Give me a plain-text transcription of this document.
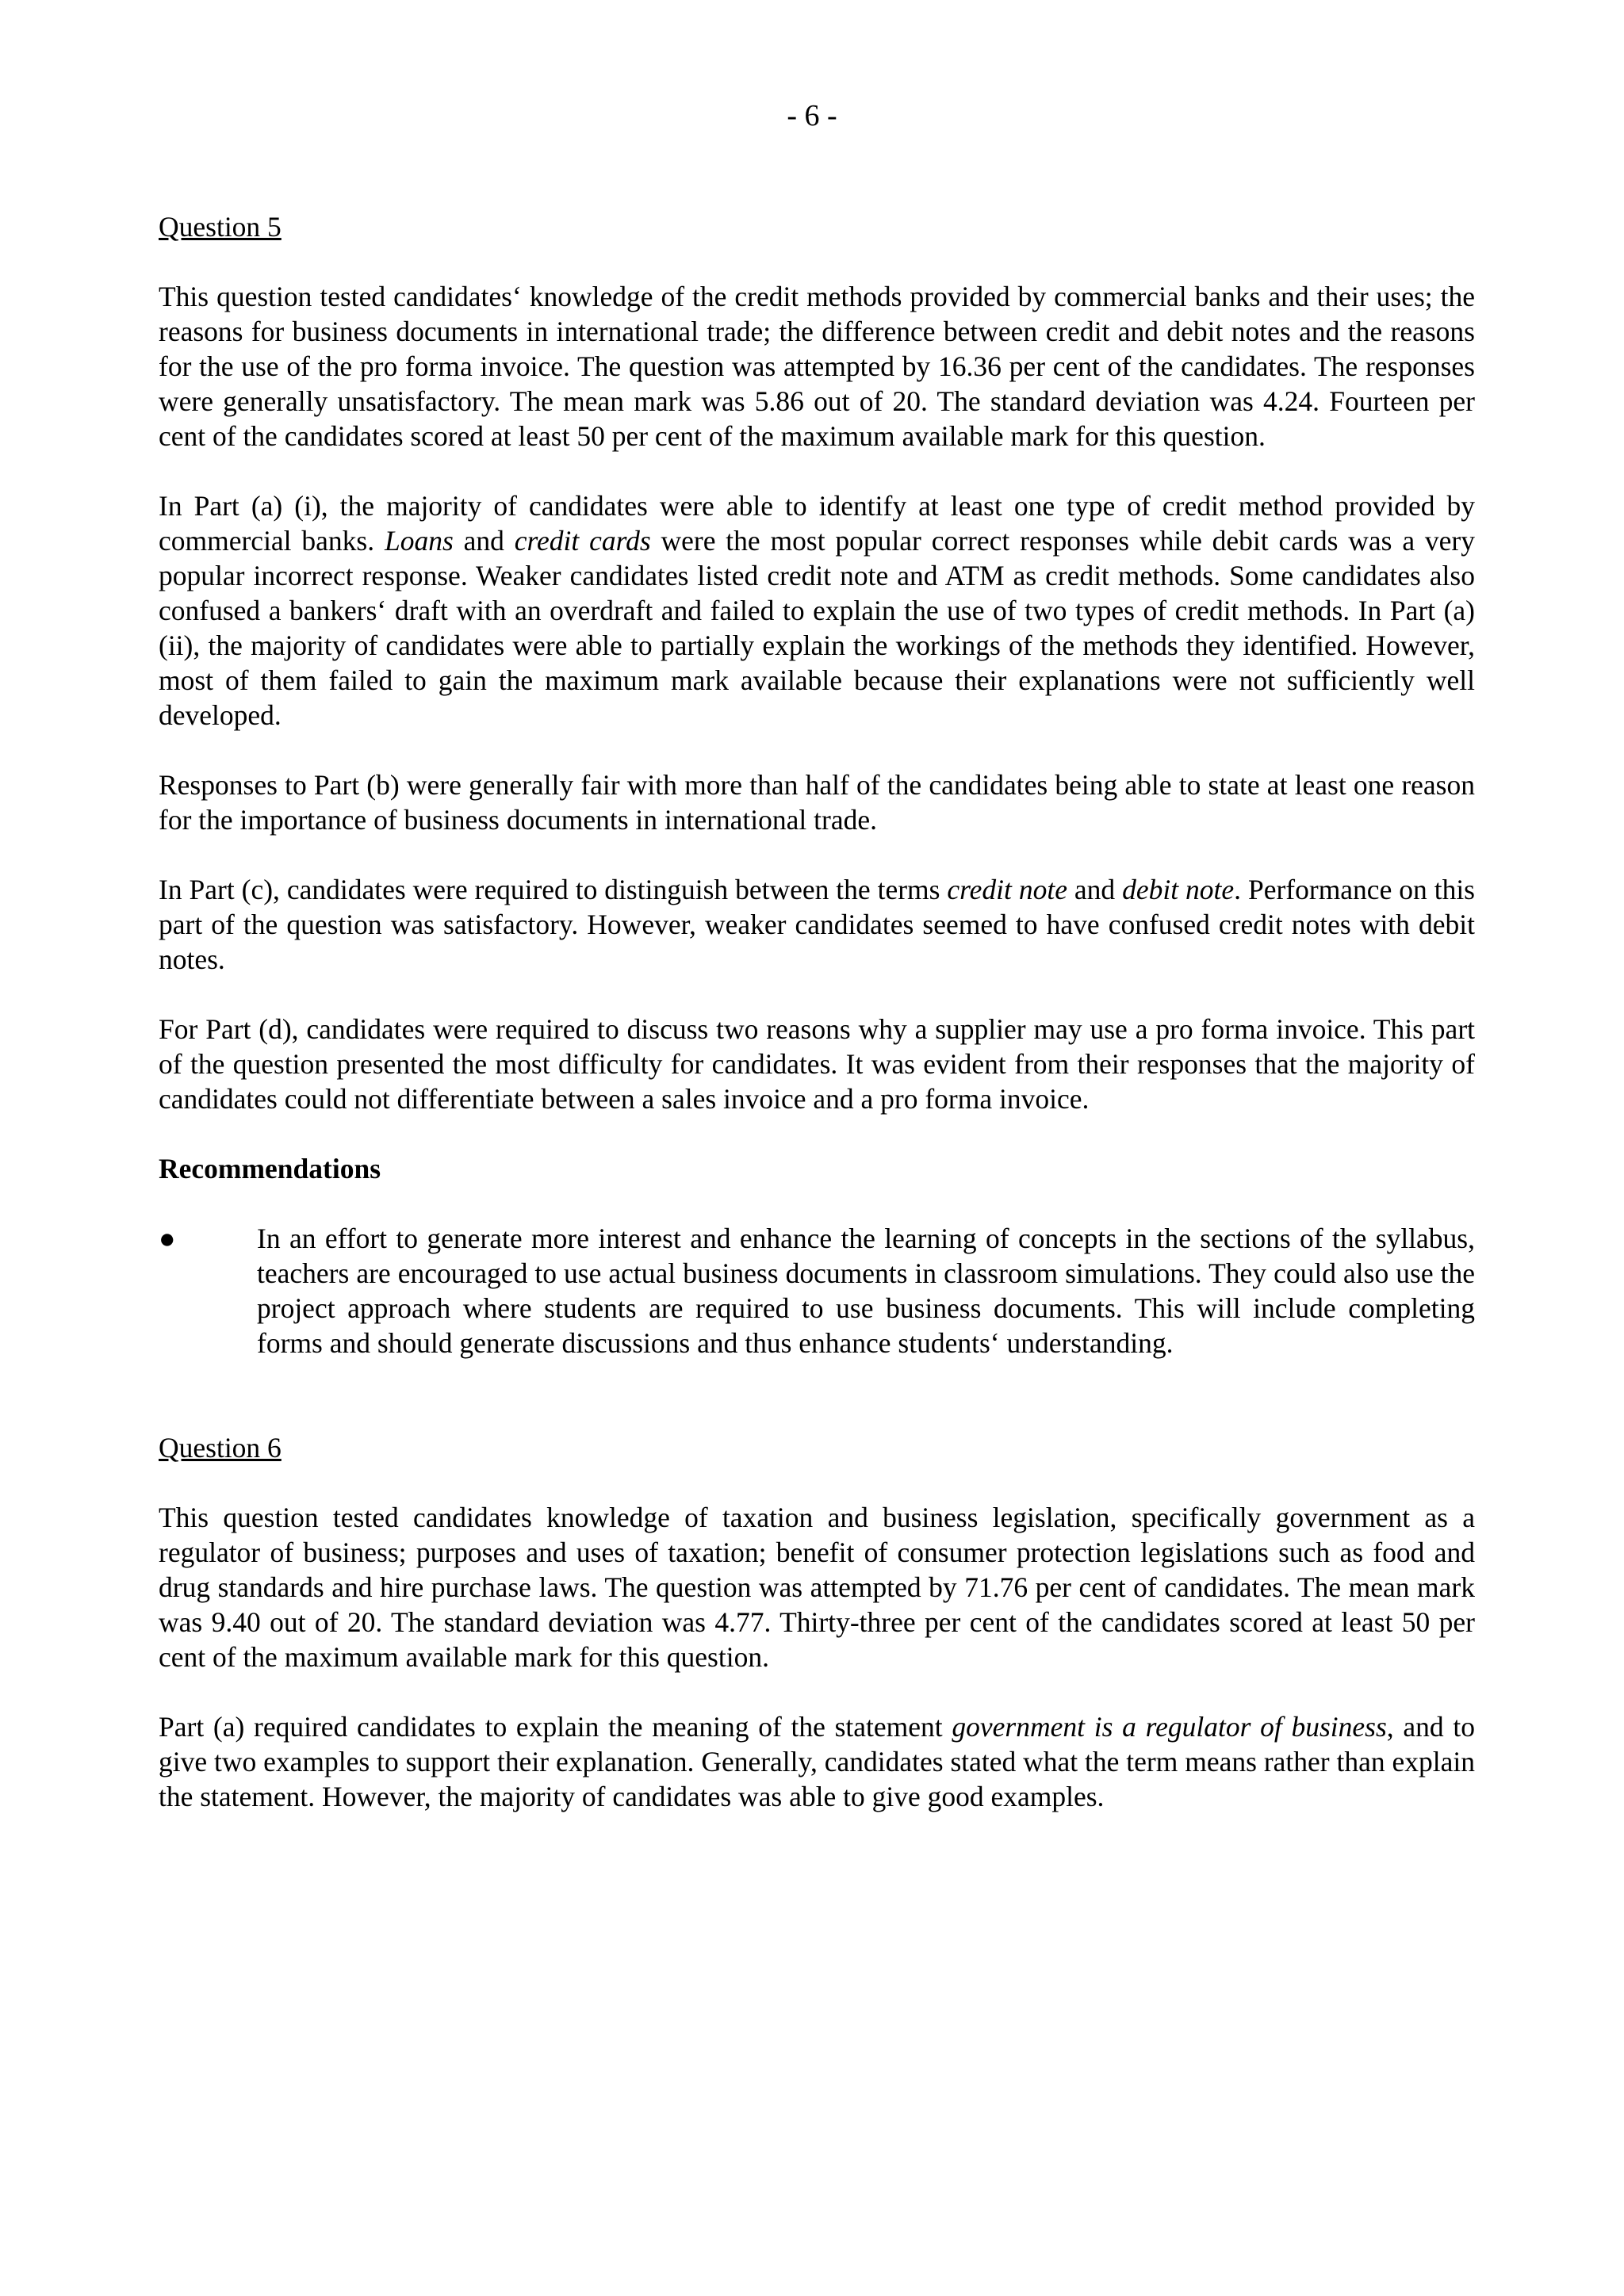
- 6 -
Question 5

This question tested candidates‘ knowledge of the credit methods provided by commercial banks and their uses; the reasons for business documents in international trade; the difference between credit and debit notes and the reasons for the use of the pro forma invoice. The question was attempted by 16.36 per cent of the candidates. The responses were generally unsatisfactory. The mean mark was 5.86 out of 20. The standard deviation was 4.24. Fourteen per cent of the candidates scored at least 50 per cent of the maximum available mark for this question.

In Part (a) (i), the majority of candidates were able to identify at least one type of credit method provided by commercial banks. Loans and credit cards were the most popular correct responses while debit cards was a very popular incorrect response. Weaker candidates listed credit note and ATM as credit methods. Some candidates also confused a bankers‘ draft with an overdraft and failed to explain the use of two types of credit methods. In Part (a) (ii), the majority of candidates were able to partially explain the workings of the methods they identified. However, most of them failed to gain the maximum mark available because their explanations were not sufficiently well developed.

Responses to Part (b) were generally fair with more than half of the candidates being able to state at least one reason for the importance of business documents in international trade.

In Part (c), candidates were required to distinguish between the terms credit note and debit note. Performance on this part of the question was satisfactory. However, weaker candidates seemed to have confused credit notes with debit notes.

For Part (d), candidates were required to discuss two reasons why a supplier may use a pro forma invoice. This part of the question presented the most difficulty for candidates. It was evident from their responses that the majority of candidates could not differentiate between a sales invoice and a pro forma invoice.

Recommendations
●	In an effort to generate more interest and enhance the learning of concepts in the sections of the syllabus, teachers are encouraged to use actual business documents in classroom simulations. They could also use the project approach where students are required to use business documents. This will include completing forms and should generate discussions and thus enhance students‘ understanding.
Question 6

This question tested candidates knowledge of taxation and business legislation, specifically government as a regulator of business; purposes and uses of taxation; benefit of consumer protection legislations such as food and drug standards and hire purchase laws. The question was attempted by 71.76 per cent of candidates. The mean mark was 9.40 out of 20. The standard deviation was 4.77. Thirty-three per cent of the candidates scored at least 50 per cent of the maximum available mark for this question.

Part (a) required candidates to explain the meaning of the statement government is a regulator of business, and to give two examples to support their explanation. Generally, candidates stated what the term means rather than explain the statement. However, the majority of candidates was able to give good examples.
